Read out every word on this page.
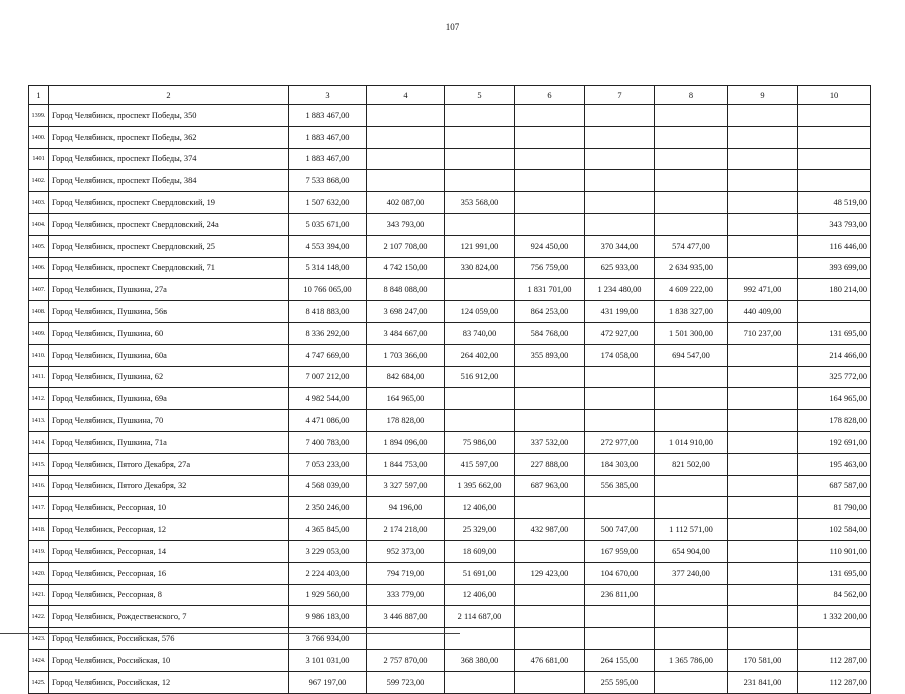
107
1	2	3	4	5	6	7	8	9	10
1399.	Город Челябинск, проспект Победы, 350	1 883 467,00							
1400.	Город Челябинск, проспект Победы, 362	1 883 467,00							
1401	Город Челябинск, проспект Победы, 374	1 883 467,00							
1402.	Город Челябинск, проспект Победы, 384	7 533 868,00							
1403.	Город Челябинск, проспект Свердловский, 19	1 507 632,00	402 087,00	353 568,00					48 519,00
1404.	Город Челябинск, проспект Свердловский, 24а	5 035 671,00	343 793,00						343 793,00
1405.	Город Челябинск, проспект Свердловский, 25	4 553 394,00	2 107 708,00	121 991,00	924 450,00	370 344,00	574 477,00		116 446,00
1406.	Город Челябинск, проспект Свердловский, 71	5 314 148,00	4 742 150,00	330 824,00	756 759,00	625 933,00	2 634 935,00		393 699,00
1407.	Город Челябинск, Пушкина, 27а	10 766 065,00	8 848 088,00		1 831 701,00	1 234 480,00	4 609 222,00	992 471,00	180 214,00
1408.	Город Челябинск, Пушкина, 56в	8 418 883,00	3 698 247,00	124 059,00	864 253,00	431 199,00	1 838 327,00	440 409,00	
1409.	Город Челябинск, Пушкина, 60	8 336 292,00	3 484 667,00	83 740,00	584 768,00	472 927,00	1 501 300,00	710 237,00	131 695,00
1410.	Город Челябинск, Пушкина, 60а	4 747 669,00	1 703 366,00	264 402,00	355 893,00	174 058,00	694 547,00		214 466,00
1411.	Город Челябинск, Пушкина, 62	7 007 212,00	842 684,00	516 912,00					325 772,00
1412.	Город Челябинск, Пушкина, 69а	4 982 544,00	164 965,00						164 965,00
1413.	Город Челябинск, Пушкина, 70	4 471 086,00	178 828,00						178 828,00
1414.	Город Челябинск, Пушкина, 71а	7 400 783,00	1 894 096,00	75 986,00	337 532,00	272 977,00	1 014 910,00		192 691,00
1415.	Город Челябинск, Пятого Декабря, 27а	7 053 233,00	1 844 753,00	415 597,00	227 888,00	184 303,00	821 502,00		195 463,00
1416.	Город Челябинск, Пятого Декабря, 32	4 568 039,00	3 327 597,00	1 395 662,00	687 963,00	556 385,00			687 587,00
1417.	Город Челябинск, Рессорная, 10	2 350 246,00	94 196,00	12 406,00					81 790,00
1418.	Город Челябинск, Рессорная, 12	4 365 845,00	2 174 218,00	25 329,00	432 987,00	500 747,00	1 112 571,00		102 584,00
1419.	Город Челябинск, Рессорная, 14	3 229 053,00	952 373,00	18 609,00		167 959,00	654 904,00		110 901,00
1420.	Город Челябинск, Рессорная, 16	2 224 403,00	794 719,00	51 691,00	129 423,00	104 670,00	377 240,00		131 695,00
1421.	Город Челябинск, Рессорная, 8	1 929 560,00	333 779,00	12 406,00		236 811,00			84 562,00
1422.	Город Челябинск, Рождественского, 7	9 986 183,00	3 446 887,00	2 114 687,00					1 332 200,00
1423.	Город Челябинск, Российская, 576	3 766 934,00							
1424.	Город Челябинск, Российская, 10	3 101 031,00	2 757 870,00	368 380,00	476 681,00	264 155,00	1 365 786,00	170 581,00	112 287,00
1425.	Город Челябинск, Российская, 12	967 197,00	599 723,00			255 595,00		231 841,00	112 287,00
